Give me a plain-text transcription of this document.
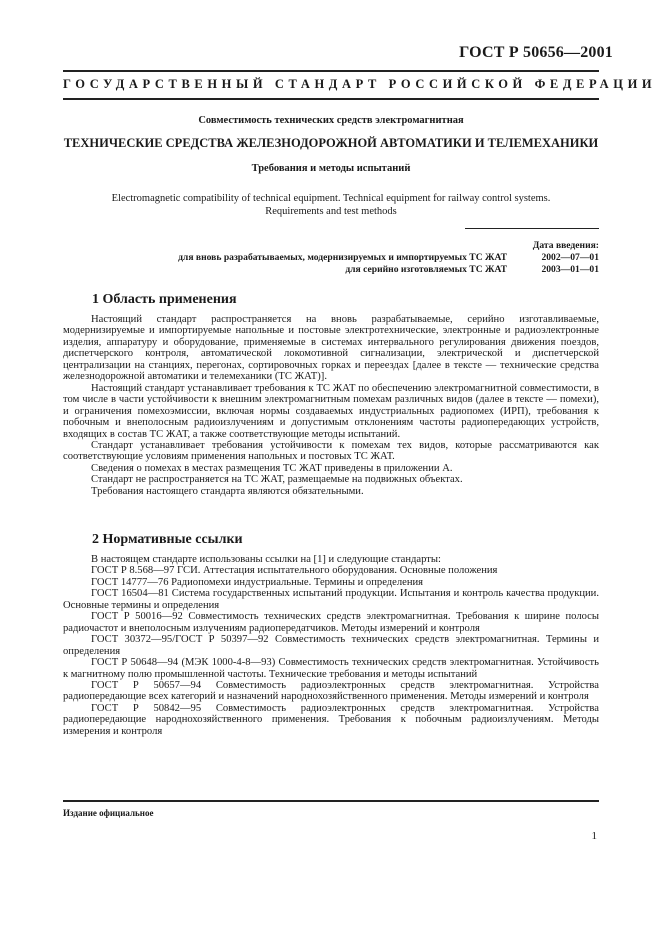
ГОСТ Р 50656—2001
ГОСУДАРСТВЕННЫЙ СТАНДАРТ РОССИЙСКОЙ ФЕДЕРАЦИИ
Совместимость технических средств электромагнитная
ТЕХНИЧЕСКИЕ СРЕДСТВА ЖЕЛЕЗНОДОРОЖНОЙ АВТОМАТИКИ И ТЕЛЕМЕХАНИКИ
Требования и методы испытаний
Electromagnetic compatibility of technical equipment. Technical equipment for railway control systems.
Requirements and test methods
Дата введения:
для вновь разрабатываемых, модернизируемых и импортируемых ТС ЖАТ	2002—07—01
для серийно изготовляемых ТС ЖАТ	2003—01—01
1 Область применения

Настоящий стандарт распространяется на вновь разрабатываемые, серийно изготавливаемые, модернизируемые и импортируемые напольные и постовые электротехнические, электронные и радиоэлектронные изделия, аппаратуру и оборудование, применяемые в системах интервального регулирования движения поездов, диспетчерского контроля, автоматической локомотивной сигнализации, электрической и диспетчерской централизации на станциях, перегонах, сортировочных горках и переездах [далее в тексте — технические средства железнодорожной автоматики и телемеханики (ТС ЖАТ)].

Настоящий стандарт устанавливает требования к ТС ЖАТ по обеспечению электромагнитной совместимости, в том числе в части устойчивости к внешним электромагнитным помехам различных видов (далее в тексте — помехи), и ограничения помехоэмиссии, включая нормы создаваемых индустриальных радиопомех (ИРП), требования к побочным и внеполосным радиоизлучениям и допустимым отклонениям частоты радиопередающих устройств, входящих в состав ТС ЖАТ, а также соответствующие методы испытаний.

Стандарт устанавливает требования устойчивости к помехам тех видов, которые рассматриваются как соответствующие условиям применения напольных и постовых ТС ЖАТ.

Сведения о помехах в местах размещения ТС ЖАТ приведены в приложении А.

Стандарт не распространяется на ТС ЖАТ, размещаемые на подвижных объектах.

Требования настоящего стандарта являются обязательными.

2 Нормативные ссылки

В настоящем стандарте использованы ссылки на [1] и следующие стандарты:

ГОСТ Р 8.568—97 ГСИ. Аттестация испытательного оборудования. Основные положения

ГОСТ 14777—76 Радиопомехи индустриальные. Термины и определения

ГОСТ 16504—81 Система государственных испытаний продукции. Испытания и контроль качества продукции. Основные термины и определения

ГОСТ Р 50016—92 Совместимость технических средств электромагнитная. Требования к ширине полосы радиочастот и внеполосным излучениям радиопередатчиков. Методы измерений и контроля

ГОСТ 30372—95/ГОСТ Р 50397—92 Совместимость технических средств электромагнитная. Термины и определения

ГОСТ Р 50648—94 (МЭК 1000-4-8—93) Совместимость технических средств электромагнитная. Устойчивость к магнитному полю промышленной частоты. Технические требования и методы испытаний

ГОСТ Р 50657—94 Совместимость радиоэлектронных средств электромагнитная. Устройства радиопередающие всех категорий и назначений народнохозяйственного применения. Методы измерений и контроля

ГОСТ Р 50842—95 Совместимость радиоэлектронных средств электромагнитная. Устройства радиопередающие народнохозяйственного применения. Требования к побочным радиоизлучениям. Методы измерения и контроля

Издание официальное
1
